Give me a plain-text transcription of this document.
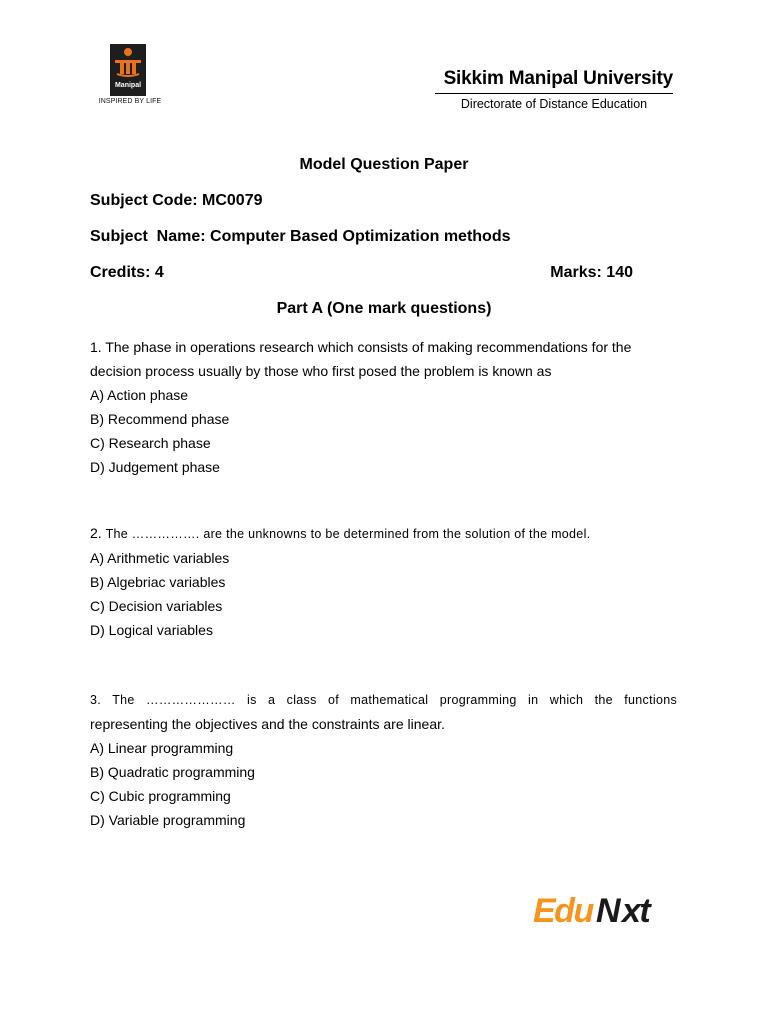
Manipal
INSPIRED BY LIFE
Sikkim Manipal University
Directorate of Distance Education
Model Question Paper
Subject Code: MC0079
Subject  Name: Computer Based Optimization methods
Credits: 4	Marks: 140
Part A (One mark questions)
1. The phase in operations research which consists of making recommendations for the
decision process usually by those who first posed the problem is known as
A) Action phase
B) Recommend phase
C) Research phase
D) Judgement phase
2. The ……………. are the unknowns to be determined from the solution of the model.
A) Arithmetic variables
B) Algebriac variables
C) Decision variables
D) Logical variables
3. The ………………… is a class of mathematical programming in which the functions
representing the objectives and the constraints are linear.
A) Linear programming
B) Quadratic programming
C) Cubic programming
D) Variable programming
Edu N xt
